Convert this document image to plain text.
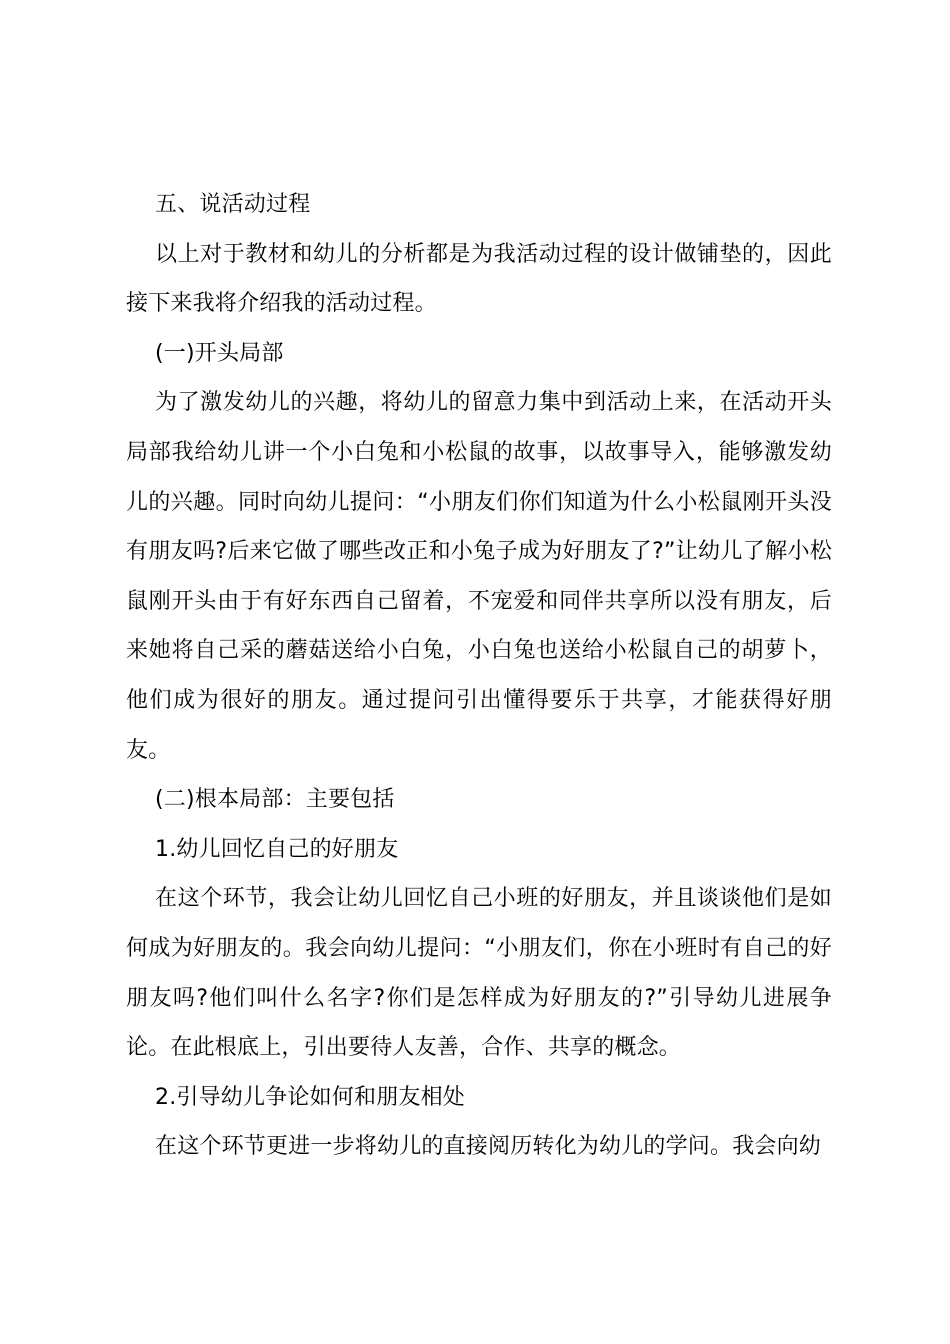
五、说活动过程

以上对于教材和幼儿的分析都是为我活动过程的设计做铺垫的，因此接下来我将介绍我的活动过程。

(一)开头局部

为了激发幼儿的兴趣，将幼儿的留意力集中到活动上来，在活动开头局部我给幼儿讲一个小白兔和小松鼠的故事，以故事导入，能够激发幼儿的兴趣。同时向幼儿提问：“小朋友们你们知道为什么小松鼠刚开头没有朋友吗?后来它做了哪些改正和小兔子成为好朋友了?”让幼儿了解小松鼠刚开头由于有好东西自己留着，不宠爱和同伴共享所以没有朋友，后来她将自己采的蘑菇送给小白兔，小白兔也送给小松鼠自己的胡萝卜，他们成为很好的朋友。通过提问引出懂得要乐于共享，才能获得好朋友。

(二)根本局部：主要包括

1.幼儿回忆自己的好朋友

在这个环节，我会让幼儿回忆自己小班的好朋友，并且谈谈他们是如何成为好朋友的。我会向幼儿提问：“小朋友们，你在小班时有自己的好朋友吗?他们叫什么名字?你们是怎样成为好朋友的?”引导幼儿进展争论。在此根底上，引出要待人友善，合作、共享的概念。

2.引导幼儿争论如何和朋友相处

在这个环节更进一步将幼儿的直接阅历转化为幼儿的学问。我会向幼
